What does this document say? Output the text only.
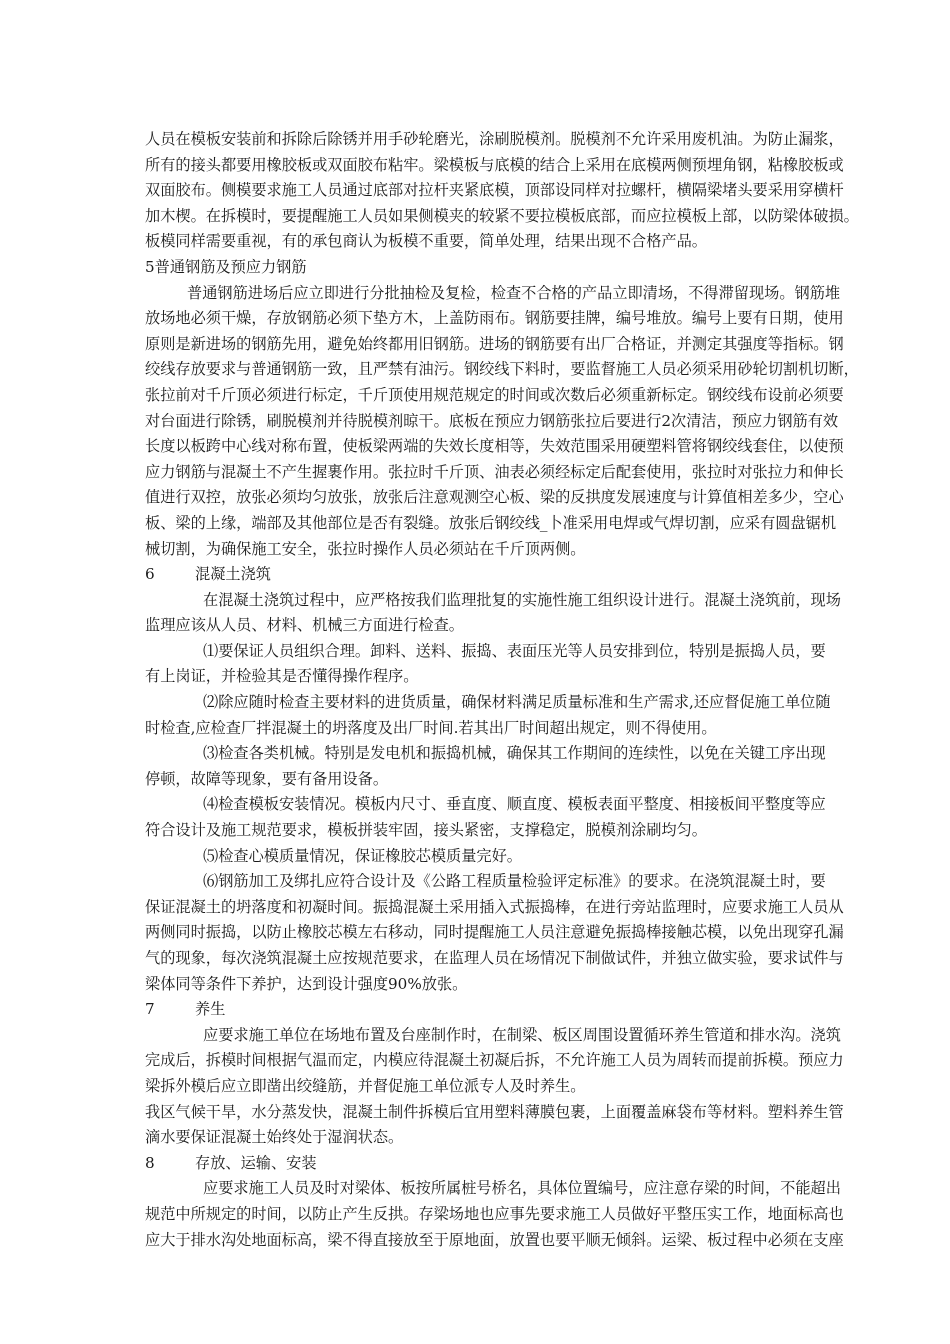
人员在模板安装前和拆除后除锈并用手砂轮磨光，涂刷脱模剂。脱模剂不允许采用废机油。为防止漏浆，
所有的接头都要用橡胶板或双面胶布粘牢。梁模板与底模的结合上采用在底模两侧预埋角钢，粘橡胶板或
双面胶布。侧模要求施工人员通过底部对拉杆夹紧底模，顶部设同样对拉螺杆，横隔梁堵头要采用穿横杆
加木楔。在拆模时，要提醒施工人员如果侧模夹的较紧不要拉模板底部，而应拉模板上部，以防梁体破损。
板模同样需要重视，有的承包商认为板模不重要，简单处理，结果出现不合格产品。
5普通钢筋及预应力钢筋
普通钢筋进场后应立即进行分批抽检及复检，检查不合格的产品立即清场，不得滞留现场。钢筋堆
放场地必须干燥，存放钢筋必须下垫方木，上盖防雨布。钢筋要挂牌，编号堆放。编号上要有日期，使用
原则是新进场的钢筋先用，避免始终都用旧钢筋。进场的钢筋要有出厂合格证，并测定其强度等指标。钢
绞线存放要求与普通钢筋一致，且严禁有油污。钢绞线下料时，要监督施工人员必须采用砂轮切割机切断，
张拉前对千斤顶必须进行标定，千斤顶使用规范规定的时间或次数后必须重新标定。钢绞线布设前必须要
对台面进行除锈，刷脱模剂并待脱模剂晾干。底板在预应力钢筋张拉后要进行2次清洁，预应力钢筋有效
长度以板跨中心线对称布置，使板梁两端的失效长度相等，失效范围采用硬塑料管将钢绞线套住，以使预
应力钢筋与混凝土不产生握裹作用。张拉时千斤顶、油表必须经标定后配套使用，张拉时对张拉力和伸长
值进行双控，放张必须均匀放张，放张后注意观测空心板、梁的反拱度发展速度与计算值相差多少，空心
板、梁的上缘，端部及其他部位是否有裂缝。放张后钢绞线_卜准采用电焊或气焊切割，应采有圆盘锯机
械切割，为确保施工安全，张拉时操作人员必须站在千斤顶两侧。
6	混凝土浇筑
在混凝土浇筑过程中，应严格按我们监理批复的实施性施工组织设计进行。混凝土浇筑前，现场
监理应该从人员、材料、机械三方面进行检查。
⑴要保证人员组织合理。卸料、送料、振捣、表面压光等人员安排到位，特别是振捣人员，要
有上岗证，并检验其是否懂得操作程序。
⑵除应随时检查主要材料的进货质量，确保材料满足质量标准和生产需求,还应督促施工单位随
时检查,应检查厂拌混凝土的坍落度及出厂时间.若其出厂时间超出规定，则不得使用。
⑶检查各类机械。特别是发电机和振捣机械，确保其工作期间的连续性，以免在关键工序出现
停顿，故障等现象，要有备用设备。
⑷检查模板安装情况。模板内尺寸、垂直度、顺直度、模板表面平整度、相接板间平整度等应
符合设计及施工规范要求，模板拼装牢固，接头紧密，支撑稳定，脱模剂涂刷均匀。
⑸检查心模质量情况，保证橡胶芯模质量完好。
⑹钢筋加工及绑扎应符合设计及《公路工程质量检验评定标准》的要求。在浇筑混凝土时，要
保证混凝土的坍落度和初凝时间。振捣混凝土采用插入式振捣棒，在进行旁站监理时，应要求施工人员从
两侧同时振捣，以防止橡胶芯模左右移动，同时提醒施工人员注意避免振捣棒接触芯模，以免出现穿孔漏
气的现象，每次浇筑混凝土应按规范要求，在监理人员在场情况下制做试件，并独立做实验，要求试件与
梁体同等条件下养护，达到设计强度90%放张。
7	养生
应要求施工单位在场地布置及台座制作时，在制梁、板区周围设置循环养生管道和排水沟。浇筑
完成后，拆模时间根据气温而定，内模应待混凝土初凝后拆，不允许施工人员为周转而提前拆模。预应力
梁拆外模后应立即凿出绞缝筋，并督促施工单位派专人及时养生。
我区气候干旱，水分蒸发快，混凝土制件拆模后宜用塑料薄膜包裹，上面覆盖麻袋布等材料。塑料养生管
滴水要保证混凝土始终处于湿润状态。
8	存放、运输、安装
应要求施工人员及时对梁体、板按所属桩号桥名，具体位置编号，应注意存梁的时间，不能超出
规范中所规定的时间，以防止产生反拱。存梁场地也应事先要求施工人员做好平整压实工作，地面标高也
应大于排水沟处地面标高，梁不得直接放至于原地面，放置也要平顺无倾斜。运梁、板过程中必须在支座
